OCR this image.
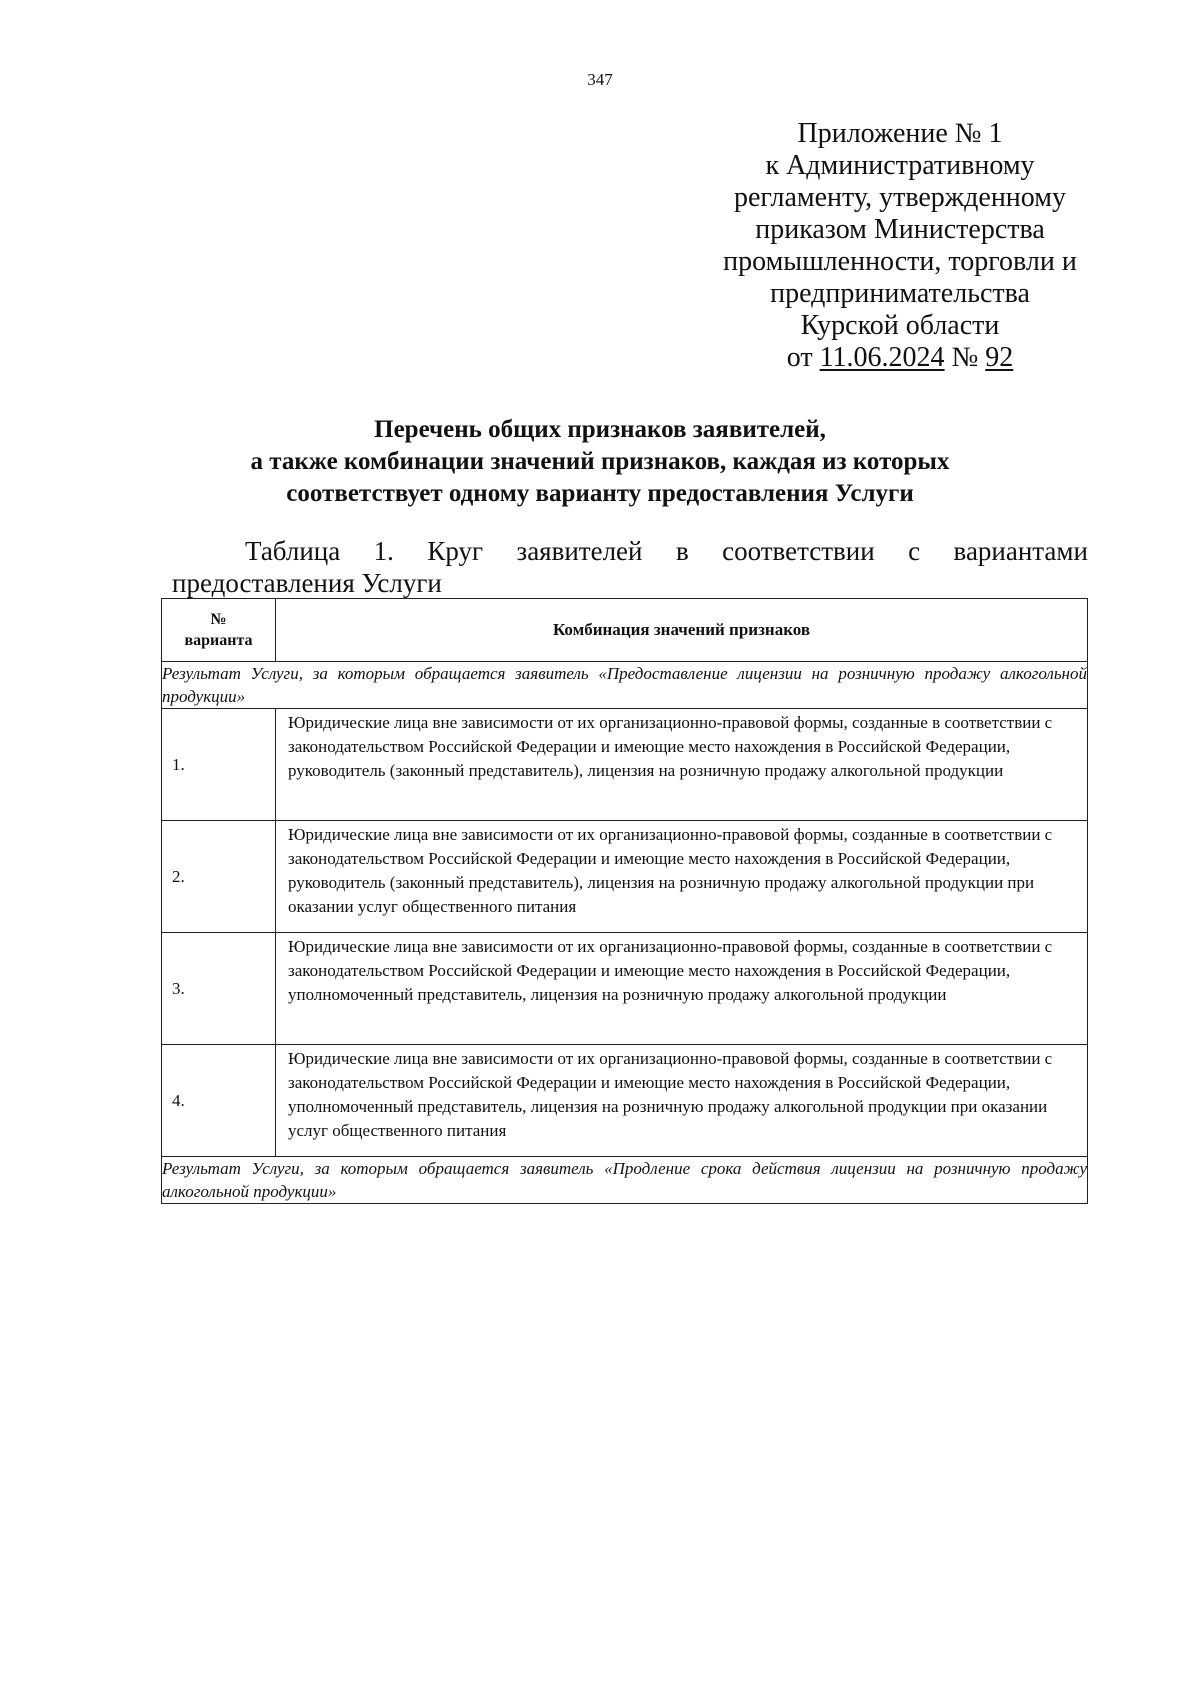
347
Приложение № 1
к Административному
регламенту, утвержденному
приказом Министерства
промышленности, торговли и
предпринимательства
Курской области
от 11.06.2024 № 92
Перечень общих признаков заявителей,
а также комбинации значений признаков, каждая из которых
соответствует одному варианту предоставления Услуги
Таблица 1. Круг заявителей в соответствии с вариантами
предоставления Услуги
№
варианта	Комбинация значений признаков
Результат Услуги, за которым обращается заявитель «Предоставление лицензии на розничную продажу алкогольной продукции»	
1.	Юридические лица вне зависимости от их организационно-правовой формы, созданные в соответствии с законодательством Российской Федерации и имеющие место нахождения в Российской Федерации, руководитель (законный представитель), лицензия на розничную продажу алкогольной продукции
2.	Юридические лица вне зависимости от их организационно-правовой формы, созданные в соответствии с законодательством Российской Федерации и имеющие место нахождения в Российской Федерации, руководитель (законный представитель), лицензия на розничную продажу алкогольной продукции при оказании услуг общественного питания
3.	Юридические лица вне зависимости от их организационно-правовой формы, созданные в соответствии с законодательством Российской Федерации и имеющие место нахождения в Российской Федерации, уполномоченный представитель, лицензия на розничную продажу алкогольной продукции
4.	Юридические лица вне зависимости от их организационно-правовой формы, созданные в соответствии с законодательством Российской Федерации и имеющие место нахождения в Российской Федерации, уполномоченный представитель, лицензия на розничную продажу алкогольной продукции при оказании услуг общественного питания
Результат Услуги, за которым обращается заявитель «Продление срока действия лицензии на розничную продажу алкогольной продукции»	
